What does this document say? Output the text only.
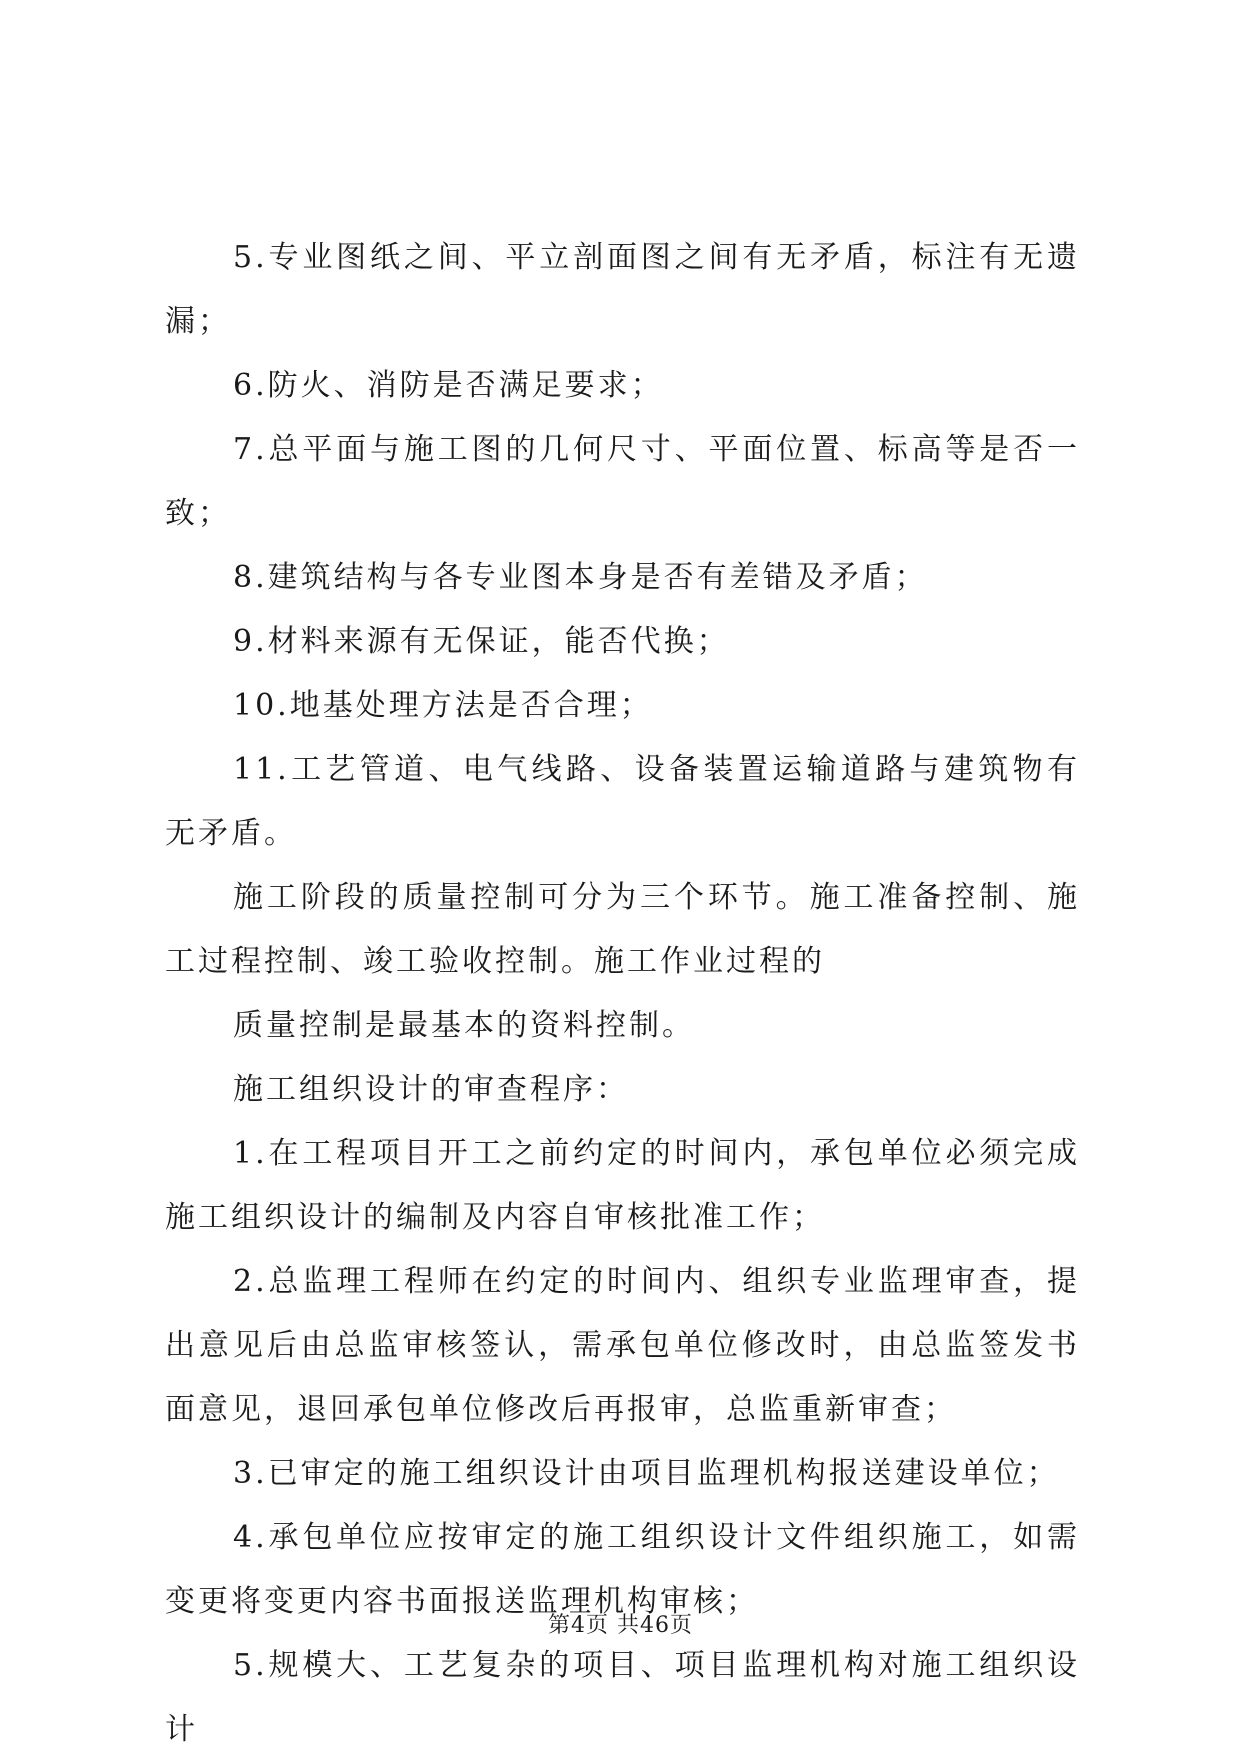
5.专业图纸之间、平立剖面图之间有无矛盾，标注有无遗漏；

6.防火、消防是否满足要求；

7.总平面与施工图的几何尺寸、平面位置、标高等是否一致；

8.建筑结构与各专业图本身是否有差错及矛盾；

9.材料来源有无保证，能否代换；

10.地基处理方法是否合理；

11.工艺管道、电气线路、设备装置运输道路与建筑物有无矛盾。

施工阶段的质量控制可分为三个环节。施工准备控制、施工过程控制、竣工验收控制。施工作业过程的

质量控制是最基本的资料控制。

施工组织设计的审查程序：

1.在工程项目开工之前约定的时间内，承包单位必须完成施工组织设计的编制及内容自审核批准工作；

2.总监理工程师在约定的时间内、组织专业监理审查，提出意见后由总监审核签认，需承包单位修改时，由总监签发书面意见，退回承包单位修改后再报审，总监重新审查；

3.已审定的施工组织设计由项目监理机构报送建设单位；

4.承包单位应按审定的施工组织设计文件组织施工，如需变更将变更内容书面报送监理机构审核；

5.规模大、工艺复杂的项目、项目监理机构对施工组织设计

第4页 共46页
